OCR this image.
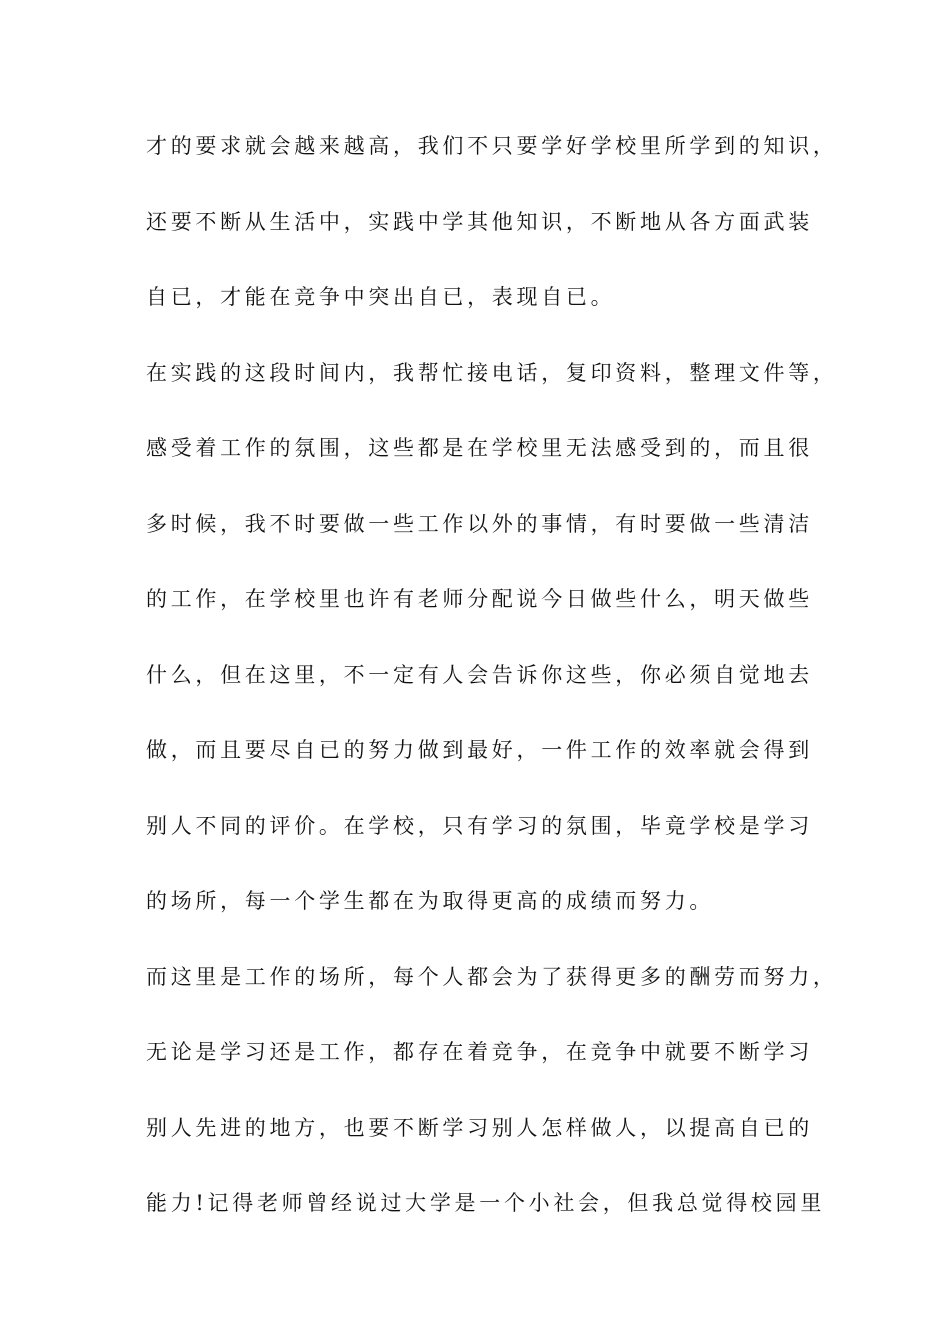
才的要求就会越来越高，我们不只要学好学校里所学到的知识，
还要不断从生活中，实践中学其他知识，不断地从各方面武装
自已，才能在竞争中突出自已，表现自已。
在实践的这段时间内，我帮忙接电话，复印资料，整理文件等，
感受着工作的氛围，这些都是在学校里无法感受到的，而且很
多时候，我不时要做一些工作以外的事情，有时要做一些清洁
的工作，在学校里也许有老师分配说今日做些什么，明天做些
什么，但在这里，不一定有人会告诉你这些，你必须自觉地去
做，而且要尽自已的努力做到最好，一件工作的效率就会得到
别人不同的评价。在学校，只有学习的氛围，毕竟学校是学习
的场所，每一个学生都在为取得更高的成绩而努力。
而这里是工作的场所，每个人都会为了获得更多的酬劳而努力，
无论是学习还是工作，都存在着竞争，在竞争中就要不断学习
别人先进的地方，也要不断学习别人怎样做人，以提高自已的
能力!记得老师曾经说过大学是一个小社会，但我总觉得校园里
